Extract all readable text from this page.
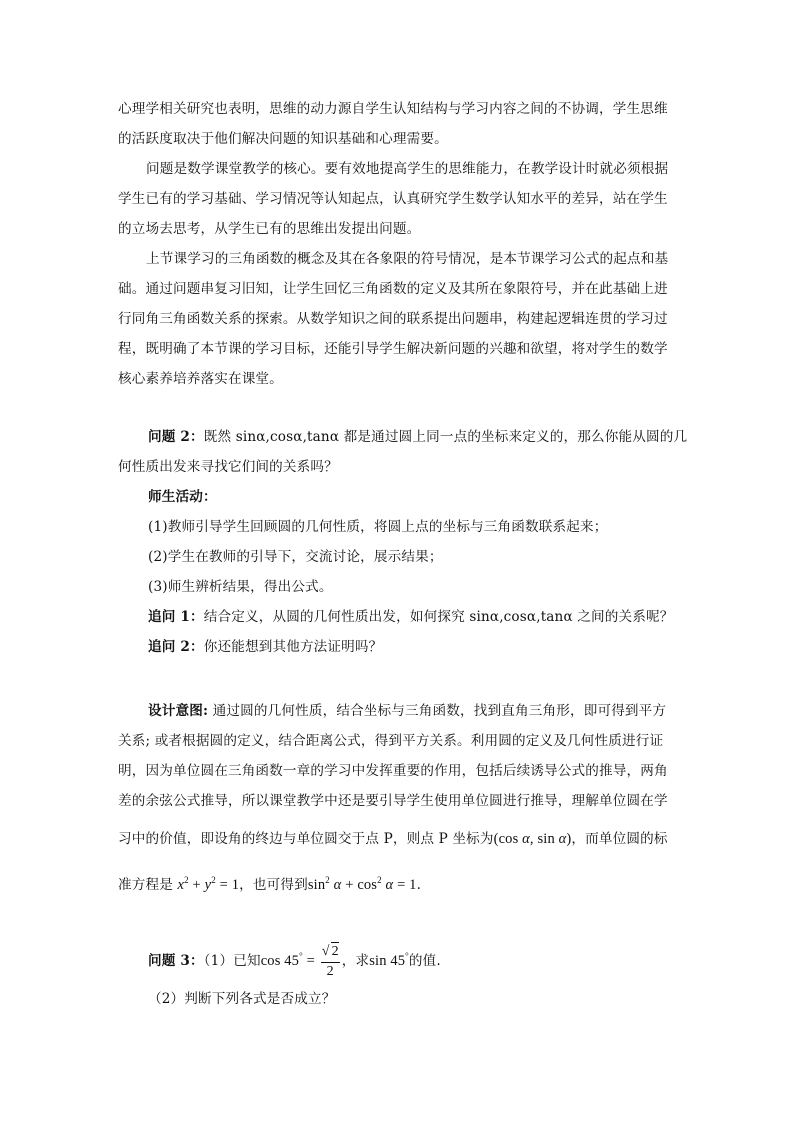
心理学相关研究也表明，思维的动力源自学生认知结构与学习内容之间的不协调，学生思维
的活跃度取决于他们解决问题的知识基础和心理需要。
问题是数学课堂教学的核心。要有效地提高学生的思维能力，在教学设计时就必须根据
学生已有的学习基础、学习情况等认知起点，认真研究学生数学认知水平的差异，站在学生
的立场去思考，从学生已有的思维出发提出问题。
上节课学习的三角函数的概念及其在各象限的符号情况，是本节课学习公式的起点和基
础。通过问题串复习旧知，让学生回忆三角函数的定义及其所在象限符号，并在此基础上进
行同角三角函数关系的探索。从数学知识之间的联系提出问题串，构建起逻辑连贯的学习过
程，既明确了本节课的学习目标，还能引导学生解决新问题的兴趣和欲望，将对学生的数学
核心素养培养落实在课堂。
问题 2：既然 sinα,cosα,tanα 都是通过圆上同一点的坐标来定义的，那么你能从圆的几
何性质出发来寻找它们间的关系吗？
师生活动：
(1)教师引导学生回顾圆的几何性质，将圆上点的坐标与三角函数联系起来；
(2)学生在教师的引导下，交流讨论，展示结果；
(3)师生辨析结果，得出公式。
追问 1：结合定义，从圆的几何性质出发，如何探究 sinα,cosα,tanα 之间的关系呢？
追问 2：你还能想到其他方法证明吗？
设计意图: 通过圆的几何性质，结合坐标与三角函数，找到直角三角形，即可得到平方
关系; 或者根据圆的定义，结合距离公式，得到平方关系。利用圆的定义及几何性质进行证
明，因为单位圆在三角函数一章的学习中发挥重要的作用，包括后续诱导公式的推导，两角
差的余弦公式推导，所以课堂教学中还是要引导学生使用单位圆进行推导，理解单位圆在学
习中的价值，即设角的终边与单位圆交于点 P，则点 P 坐标为(cos α, sin α)，而单位圆的标
准方程是 $x^2 + y^2 = 1$，也可得到$\sin^2 \alpha + \cos^2 \alpha = 1$.
问题 3：（1）已知$\cos 45^\circ = \frac{√ 2}{2}$ ，求sin 45°的值.
（2）判断下列各式是否成立？
